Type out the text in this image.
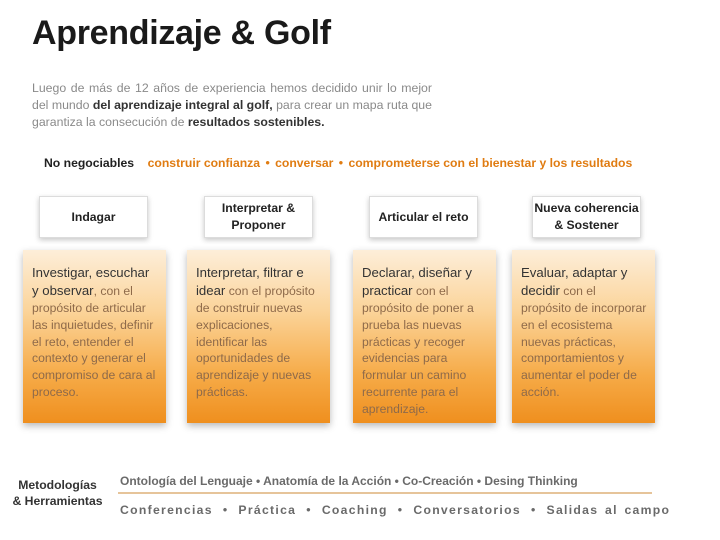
Aprendizaje & Golf
Luego de más de 12 años de experiencia hemos decidido unir lo mejor del mundo del aprendizaje integral al golf, para crear un mapa ruta que garantiza la consecución de resultados sostenibles.
No negociables construir confianza • conversar • comprometerse con el bienestar y los resultados
Indagar
Interpretar &
Proponer
Articular el reto
Nueva coherencia
& Sostener
Investigar, escuchar y observar, con el propósito de articular las inquietudes, definir el reto, entender el contexto y generar el compromiso de cara al proceso.
Interpretar, filtrar e idear con el propósito de construir nuevas explicaciones, identificar las oportunidades de aprendizaje y nuevas prácticas.
Declarar, diseñar y practicar con el propósito de poner a prueba las nuevas prácticas y recoger evidencias para formular un camino recurrente para el aprendizaje.
Evaluar, adaptar y decidir con el propósito de incorporar en el ecosistema nuevas prácticas, comportamientos y aumentar el poder de acción.
Metodologías
& Herramientas
Ontología del Lenguaje • Anatomía de la Acción • Co-Creación • Desing Thinking
Conferencias • Práctica • Coaching • Conversatorios • Salidas al campo
